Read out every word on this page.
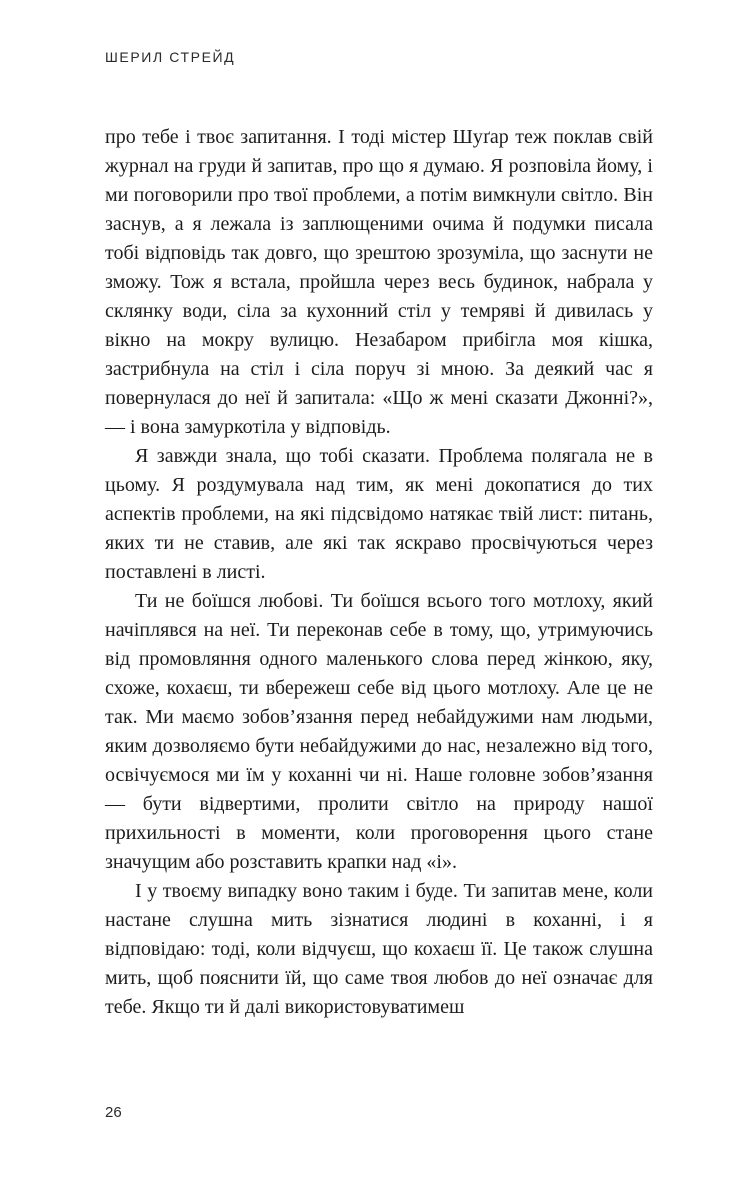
ШЕРИЛ СТРЕЙД

про тебе і твоє запитання. І тоді містер Шуґар теж поклав свій журнал на груди й запитав, про що я думаю. Я розповіла йому, і ми поговорили про твої проблеми, а потім вимкнули світло. Він заснув, а я лежала із заплющеними очима й подумки писала тобі відповідь так довго, що зрештою зрозуміла, що заснути не зможу. Тож я встала, пройшла через весь будинок, набрала у склянку води, сіла за кухонний стіл у темряві й дивилась у вікно на мокру вулицю. Незабаром прибігла моя кішка, застрибнула на стіл і сіла поруч зі мною. За деякий час я повернулася до неї й запитала: «Що ж мені сказати Джонні?», — і вона замуркотіла у відповідь.

Я завжди знала, що тобі сказати. Проблема полягала не в цьому. Я роздумувала над тим, як мені докопатися до тих аспектів проблеми, на які підсвідомо натякає твій лист: питань, яких ти не ставив, але які так яскраво просвічуються через поставлені в листі.

Ти не боїшся любові. Ти боїшся всього того мотлоху, який начіплявся на неї. Ти переконав себе в тому, що, утримуючись від промовляння одного маленького слова перед жінкою, яку, схоже, кохаєш, ти вбережеш себе від цього мотлоху. Але це не так. Ми маємо зобов’язання перед небайдужими нам людьми, яким дозволяємо бути небайдужими до нас, незалежно від того, освічуємося ми їм у коханні чи ні. Наше головне зобов’язання — бути відвертими, пролити світло на природу нашої прихильності в моменти, коли проговорення цього стане значущим або розставить крапки над «і».

І у твоєму випадку воно таким і буде. Ти запитав мене, коли настане слушна мить зізнатися людині в коханні, і я відповідаю: тоді, коли відчуєш, що кохаєш її. Це також слушна мить, щоб пояснити їй, що саме твоя любов до неї означає для тебе. Якщо ти й далі використовуватимеш

26
